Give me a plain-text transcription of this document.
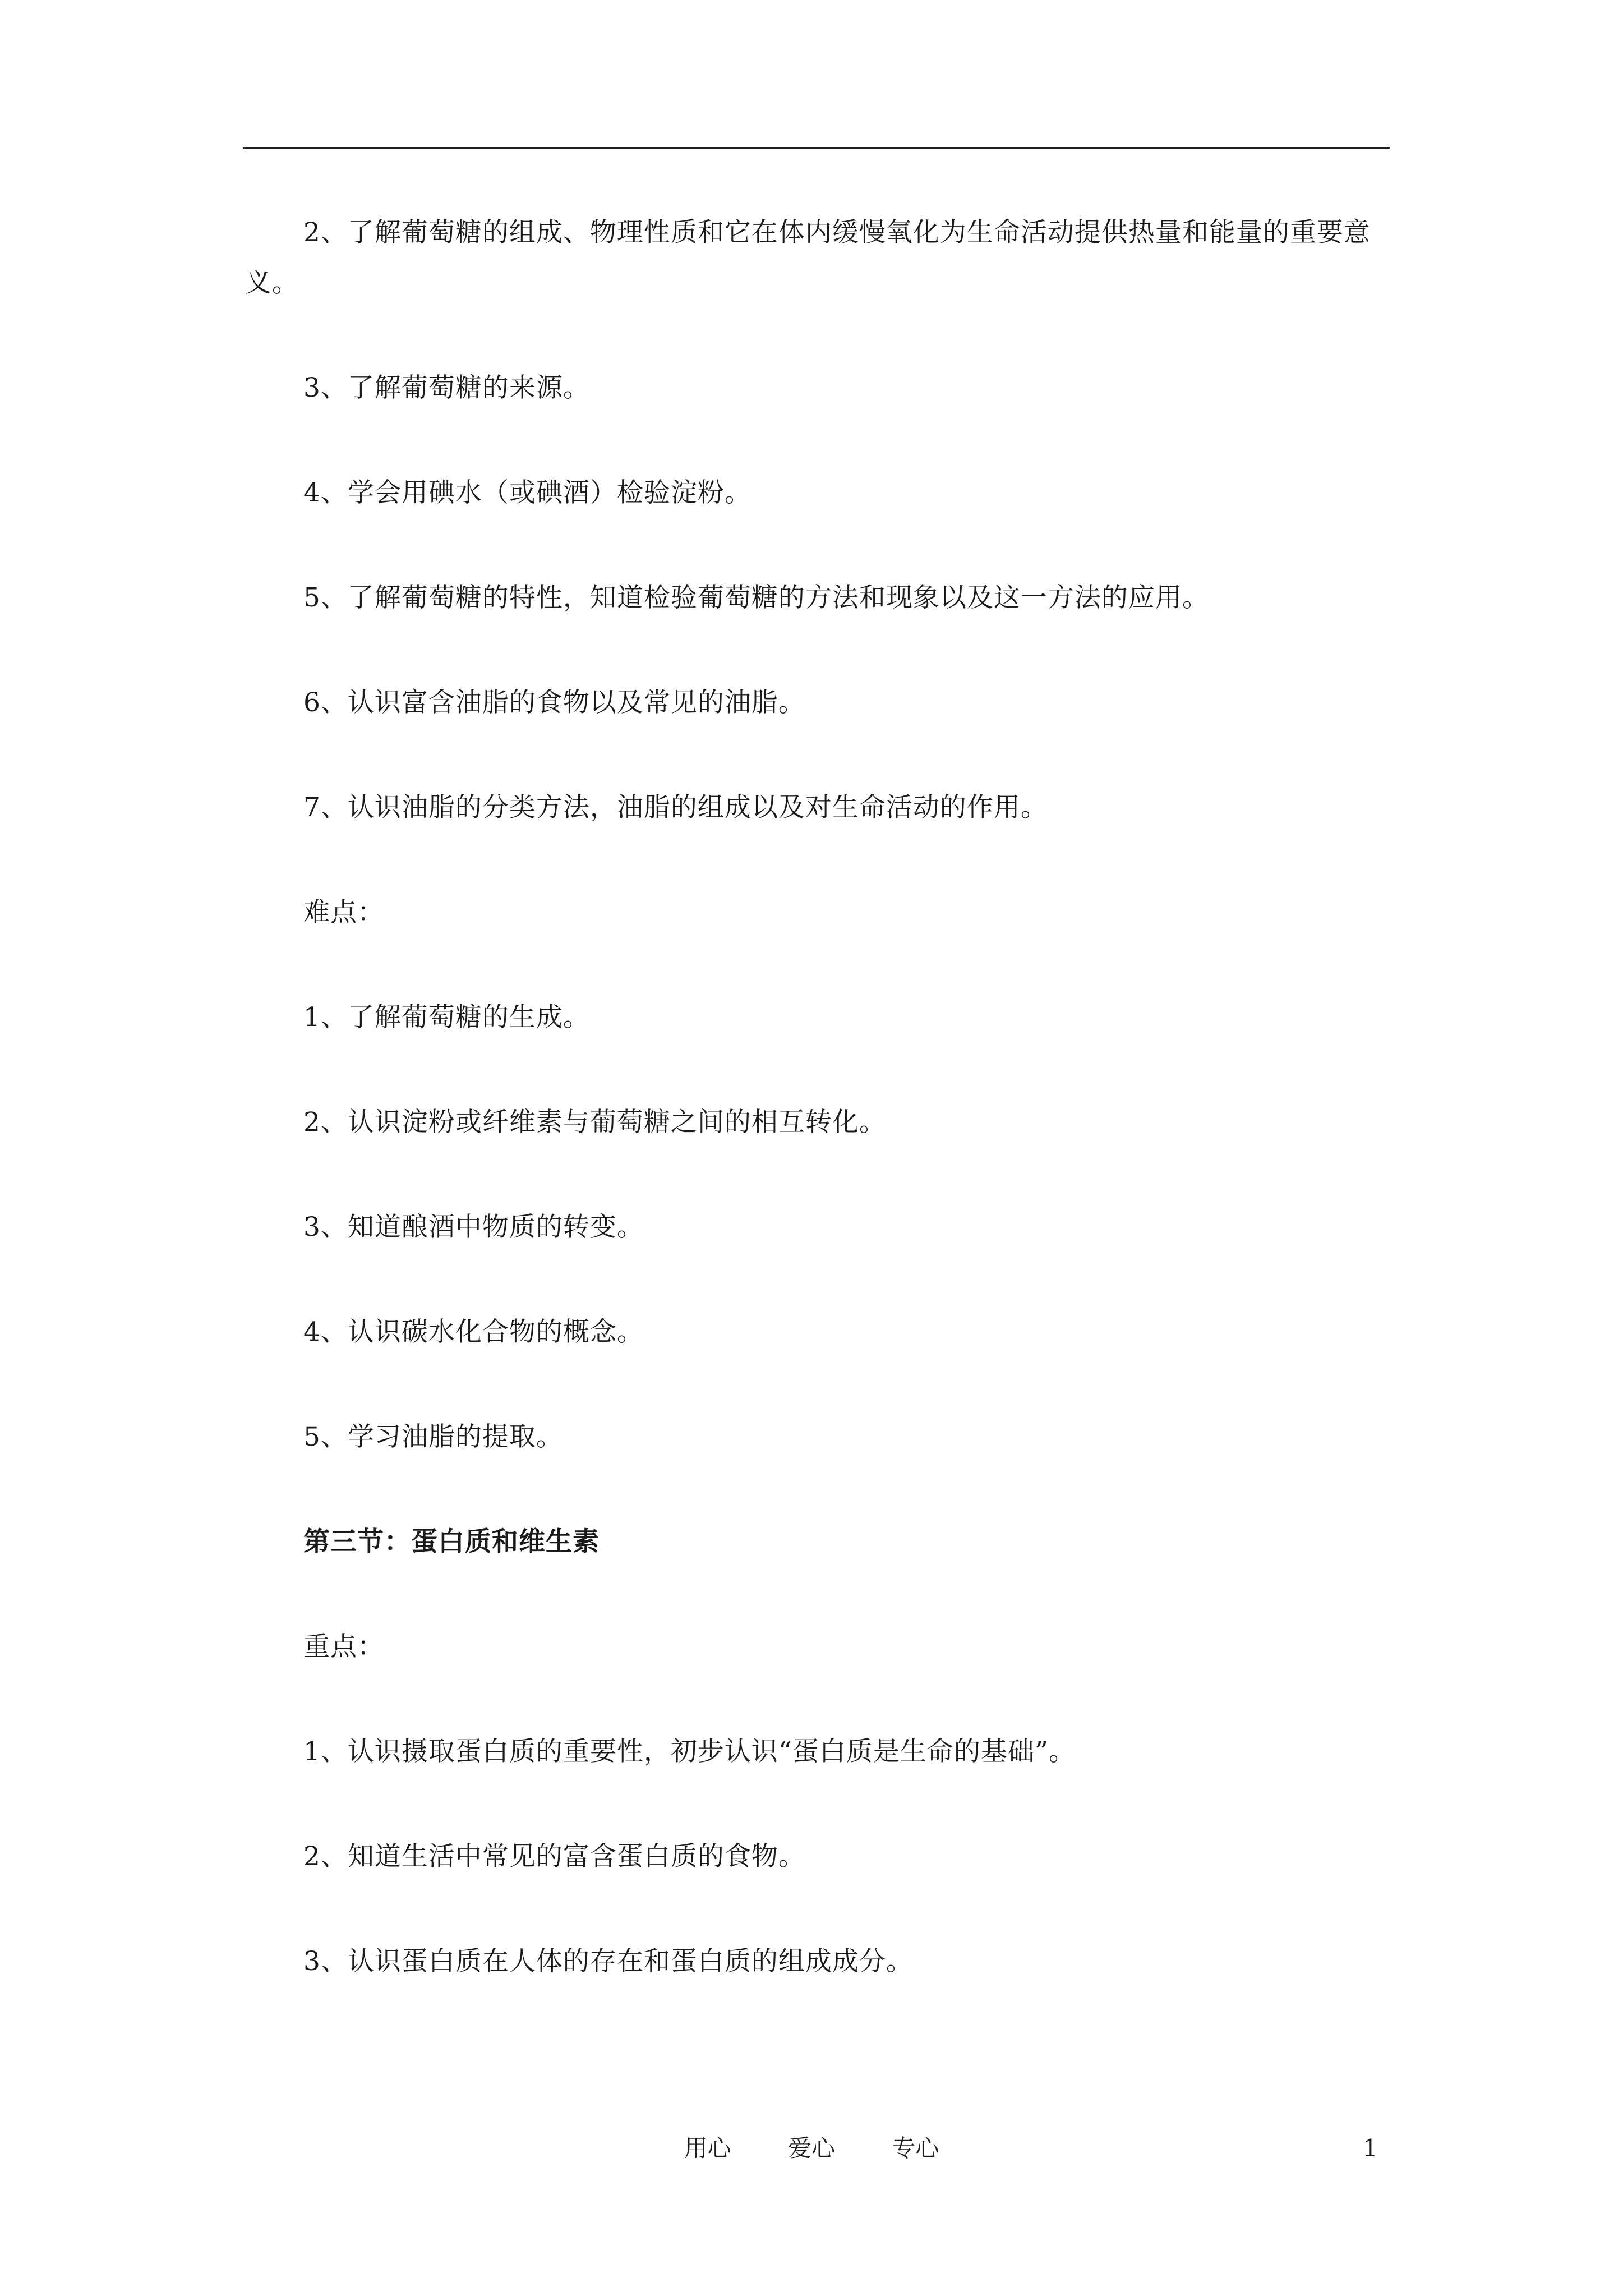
2、了解葡萄糖的组成、物理性质和它在体内缓慢氧化为生命活动提供热量和能量的重要意义。

3、了解葡萄糖的来源。

4、学会用碘水（或碘酒）检验淀粉。

5、了解葡萄糖的特性，知道检验葡萄糖的方法和现象以及这一方法的应用。

6、认识富含油脂的食物以及常见的油脂。

7、认识油脂的分类方法，油脂的组成以及对生命活动的作用。

难点：

1、了解葡萄糖的生成。

2、认识淀粉或纤维素与葡萄糖之间的相互转化。

3、知道酿酒中物质的转变。

4、认识碳水化合物的概念。

5、学习油脂的提取。

第三节：蛋白质和维生素

重点：

1、认识摄取蛋白质的重要性，初步认识“蛋白质是生命的基础”。

2、知道生活中常见的富含蛋白质的食物。

3、认识蛋白质在人体的存在和蛋白质的组成成分。

用心 爱心 专心	1
